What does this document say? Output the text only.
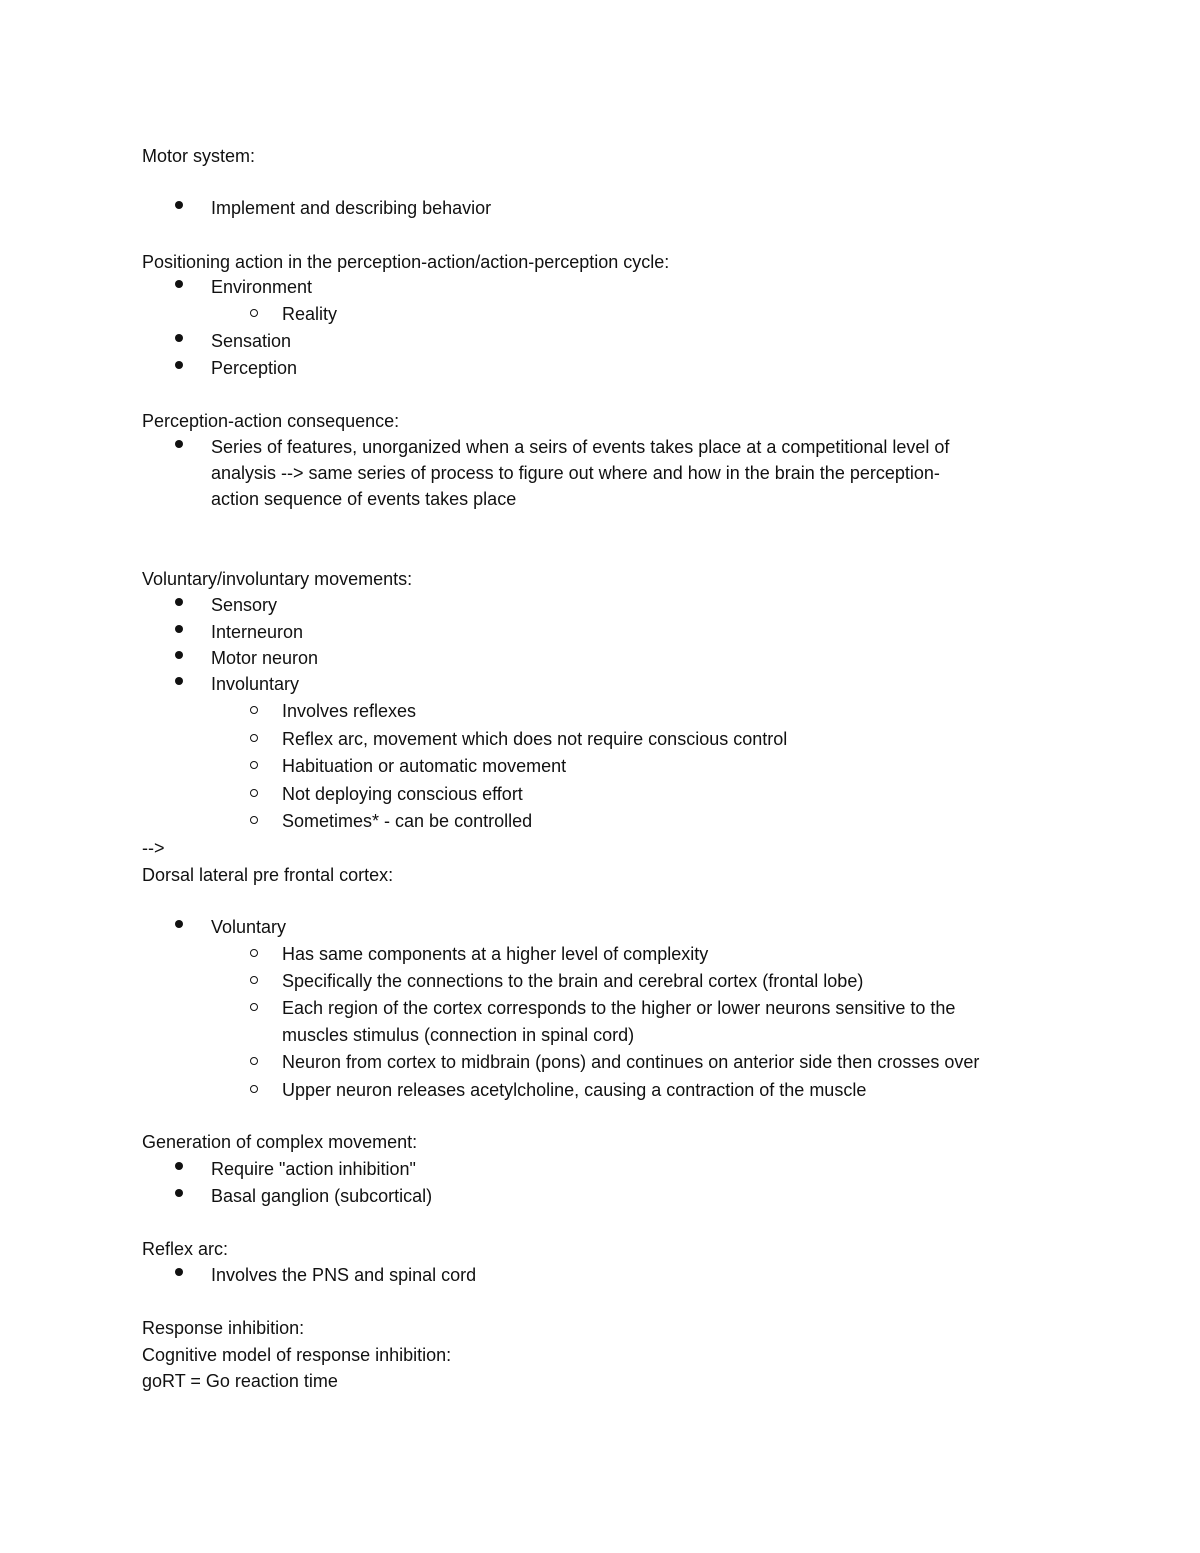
Motor system:
Implement and describing behavior
Positioning action in the perception-action/action-perception cycle:
Environment
Reality
Sensation
Perception
Perception-action consequence:
Series of features, unorganized when a seirs of events takes place at a competitional level of
analysis --> same series of process to figure out where and how in the brain the perception-
action sequence of events takes place
Voluntary/involuntary movements:
Sensory
Interneuron
Motor neuron
Involuntary
Involves reflexes
Reflex arc, movement which does not require conscious control
Habituation or automatic movement
Not deploying conscious effort
Sometimes* - can be controlled
-->
Dorsal lateral pre frontal cortex:
Voluntary
Has same components at a higher level of complexity
Specifically the connections to the brain and cerebral cortex (frontal lobe)
Each region of the cortex corresponds to the higher or lower neurons sensitive to the
muscles stimulus (connection in spinal cord)
Neuron from cortex to midbrain (pons) and continues on anterior side then crosses over
Upper neuron releases acetylcholine, causing a contraction of the muscle
Generation of complex movement:
Require "action inhibition"
Basal ganglion (subcortical)
Reflex arc:
Involves the PNS and spinal cord
Response inhibition:
Cognitive model of response inhibition:
goRT = Go reaction time
